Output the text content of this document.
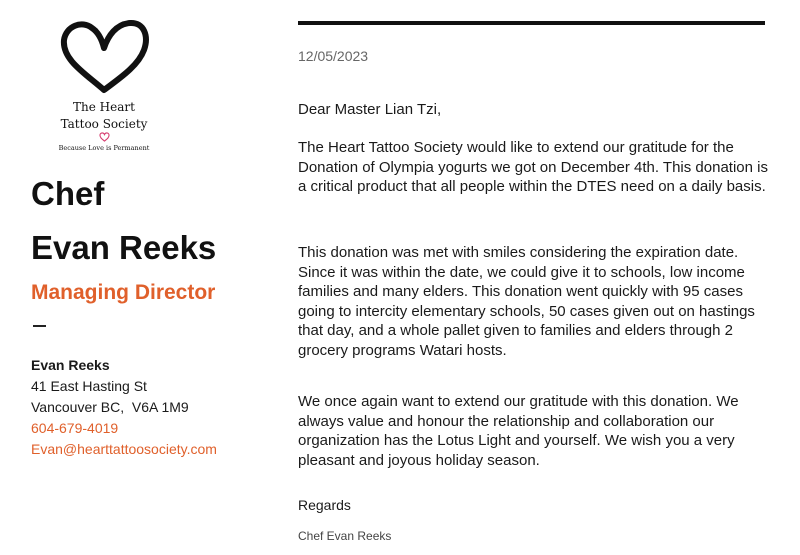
The Heart
Tattoo Society
Because Love is Permanent
Chef
Evan Reeks
Managing Director
Evan Reeks
41 East Hasting St
Vancouver BC,  V6A 1M9
604-679-4019
Evan@hearttattoosociety.com
12/05/2023
Dear Master Lian Tzi,
The Heart Tattoo Society would like to extend our gratitude for the Donation of Olympia yogurts we got on December 4th. This donation is a critical product that all people within the DTES need on a daily basis.
This donation was met with smiles considering the expiration date. Since it was within the date, we could give it to schools, low income families and many elders. This donation went quickly with 95 cases going to intercity elementary schools, 50 cases given out on hastings that day, and a whole pallet given to families and elders through 2 grocery programs Watari hosts.
We once again want to extend our gratitude with this donation. We always value and honour the relationship and collaboration our organization has the Lotus Light and yourself. We wish you a very pleasant and joyous holiday season.
Regards
Chef Evan Reeks
